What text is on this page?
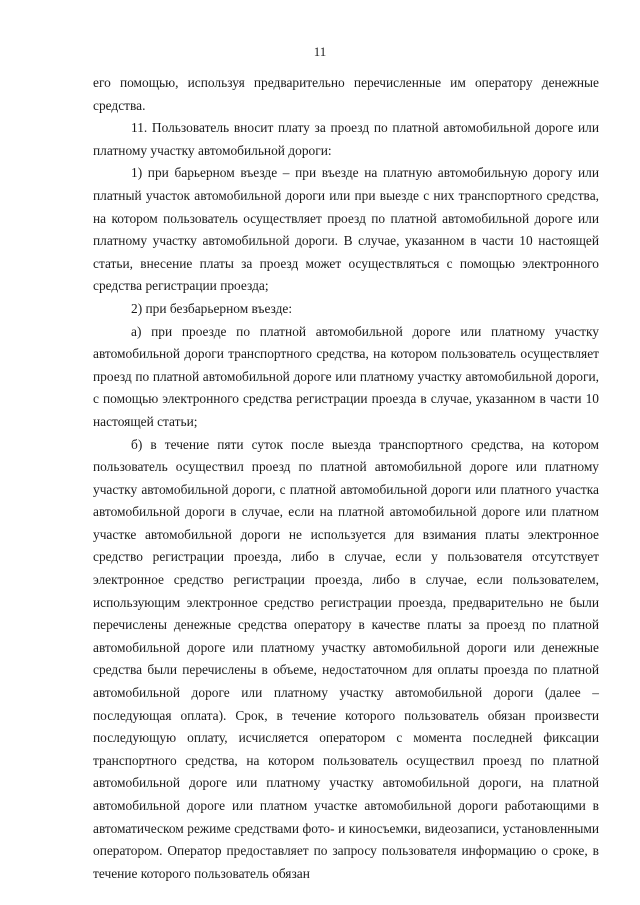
11

его помощью, используя предварительно перечисленные им оператору денежные средства.

11. Пользователь вносит плату за проезд по платной автомобильной дороге или платному участку автомобильной дороги:

1) при барьерном въезде – при въезде на платную автомобильную дорогу или платный участок автомобильной дороги или при выезде с них транспортного средства, на котором пользователь осуществляет проезд по платной автомобильной дороге или платному участку автомобильной дороги. В случае, указанном в части 10 настоящей статьи, внесение платы за проезд может осуществляться с помощью электронного средства регистрации проезда;

2) при безбарьерном въезде:

а) при проезде по платной автомобильной дороге или платному участку автомобильной дороги транспортного средства, на котором пользователь осуществляет проезд по платной автомобильной дороге или платному участку автомобильной дороги, с помощью электронного средства регистрации проезда в случае, указанном в части 10 настоящей статьи;

б) в течение пяти суток после выезда транспортного средства, на котором пользователь осуществил проезд по платной автомобильной дороге или платному участку автомобильной дороги, с платной автомобильной дороги или платного участка автомобильной дороги в случае, если на платной автомобильной дороге или платном участке автомобильной дороги не используется для взимания платы электронное средство регистрации проезда, либо в случае, если у пользователя отсутствует электронное средство регистрации проезда, либо в случае, если пользователем, использующим электронное средство регистрации проезда, предварительно не были перечислены денежные средства оператору в качестве платы за проезд по платной автомобильной дороге или платному участку автомобильной дороги или денежные средства были перечислены в объеме, недостаточном для оплаты проезда по платной автомобильной дороге или платному участку автомобильной дороги (далее – последующая оплата). Срок, в течение которого пользователь обязан произвести последующую оплату, исчисляется оператором с момента последней фиксации транспортного средства, на котором пользователь осуществил проезд по платной автомобильной дороге или платному участку автомобильной дороги, на платной автомобильной дороге или платном участке автомобильной дороги работающими в автоматическом режиме средствами фото- и киносъемки, видеозаписи, установленными оператором. Оператор предоставляет по запросу пользователя информацию о сроке, в течение которого пользователь обязан
